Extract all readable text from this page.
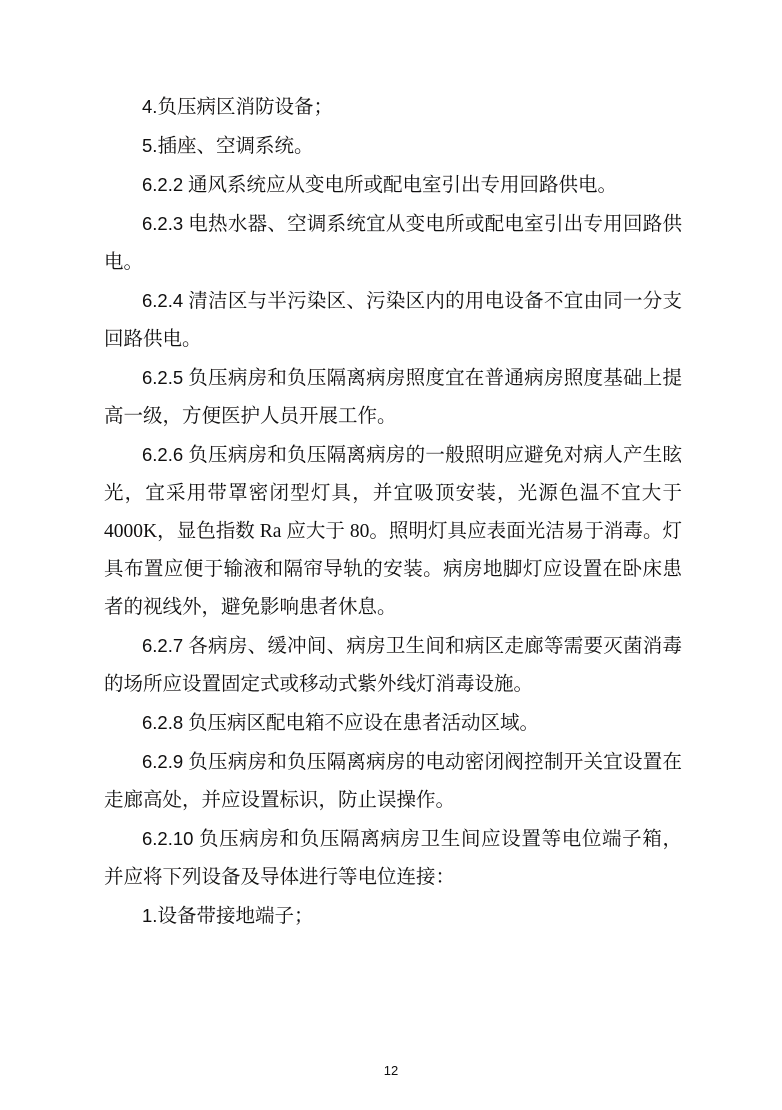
4.负压病区消防设备；

5.插座、空调系统。

6.2.2 通风系统应从变电所或配电室引出专用回路供电。

6.2.3 电热水器、空调系统宜从变电所或配电室引出专用回路供电。

6.2.4 清洁区与半污染区、污染区内的用电设备不宜由同一分支回路供电。

6.2.5 负压病房和负压隔离病房照度宜在普通病房照度基础上提高一级，方便医护人员开展工作。

6.2.6 负压病房和负压隔离病房的一般照明应避免对病人产生眩光，宜采用带罩密闭型灯具，并宜吸顶安装，光源色温不宜大于 4000K，显色指数 Ra 应大于 80。照明灯具应表面光洁易于消毒。灯具布置应便于输液和隔帘导轨的安装。病房地脚灯应设置在卧床患者的视线外，避免影响患者休息。

6.2.7 各病房、缓冲间、病房卫生间和病区走廊等需要灭菌消毒的场所应设置固定式或移动式紫外线灯消毒设施。

6.2.8 负压病区配电箱不应设在患者活动区域。

6.2.9 负压病房和负压隔离病房的电动密闭阀控制开关宜设置在走廊高处，并应设置标识，防止误操作。

6.2.10 负压病房和负压隔离病房卫生间应设置等电位端子箱，并应将下列设备及导体进行等电位连接：

1.设备带接地端子；

12
